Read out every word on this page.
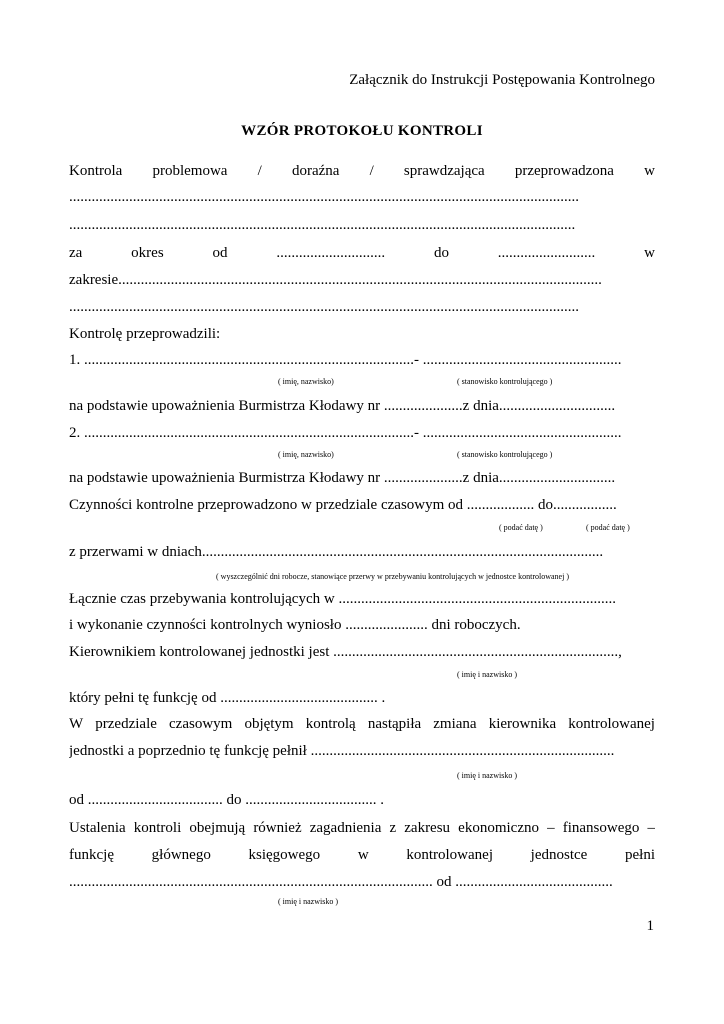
Załącznik do Instrukcji Postępowania Kontrolnego
WZÓR PROTOKOŁU KONTROLI
Kontrola problemowa / doraźna / sprawdzająca przeprowadzona w
........................................................................................................................................
.......................................................................................................................................
za	okres	od	.............................	do	..........................	w
zakresie.................................................................................................................................
........................................................................................................................................
Kontrolę przeprowadzili:
1. ........................................................................................- .....................................................
( imię, nazwisko)	( stanowisko kontrolującego )
na podstawie upoważnienia Burmistrza Kłodawy nr .....................z dnia...............................
2. ........................................................................................- .....................................................
( imię, nazwisko)	( stanowisko kontrolującego )
na podstawie upoważnienia Burmistrza Kłodawy nr .....................z dnia...............................
Czynności kontrolne przeprowadzono w przedziale czasowym od .................. do.................
( podać datę )	( podać datę )
z przerwami w dniach...........................................................................................................
( wyszczególnić dni robocze, stanowiące przerwy w przebywaniu kontrolujących w jednostce kontrolowanej )
Łącznie czas przebywania kontrolujących w ..........................................................................
i wykonanie czynności kontrolnych wyniosło ...................... dni roboczych.
Kierownikiem kontrolowanej jednostki jest ............................................................................,
( imię i nazwisko )
który pełni tę funkcję od .......................................... .
W przedziale czasowym objętym kontrolą nastąpiła zmiana kierownika kontrolowanej
jednostki a poprzednio tę funkcję pełnił .................................................................................
( imię i nazwisko )
od .................................... do ................................... .
Ustalenia kontroli obejmują również zagadnienia z zakresu ekonomiczno – finansowego –
funkcję	głównego	księgowego	w	kontrolowanej	jednostce	pełni
................................................................................................. od ..........................................
( imię i nazwisko )
1
